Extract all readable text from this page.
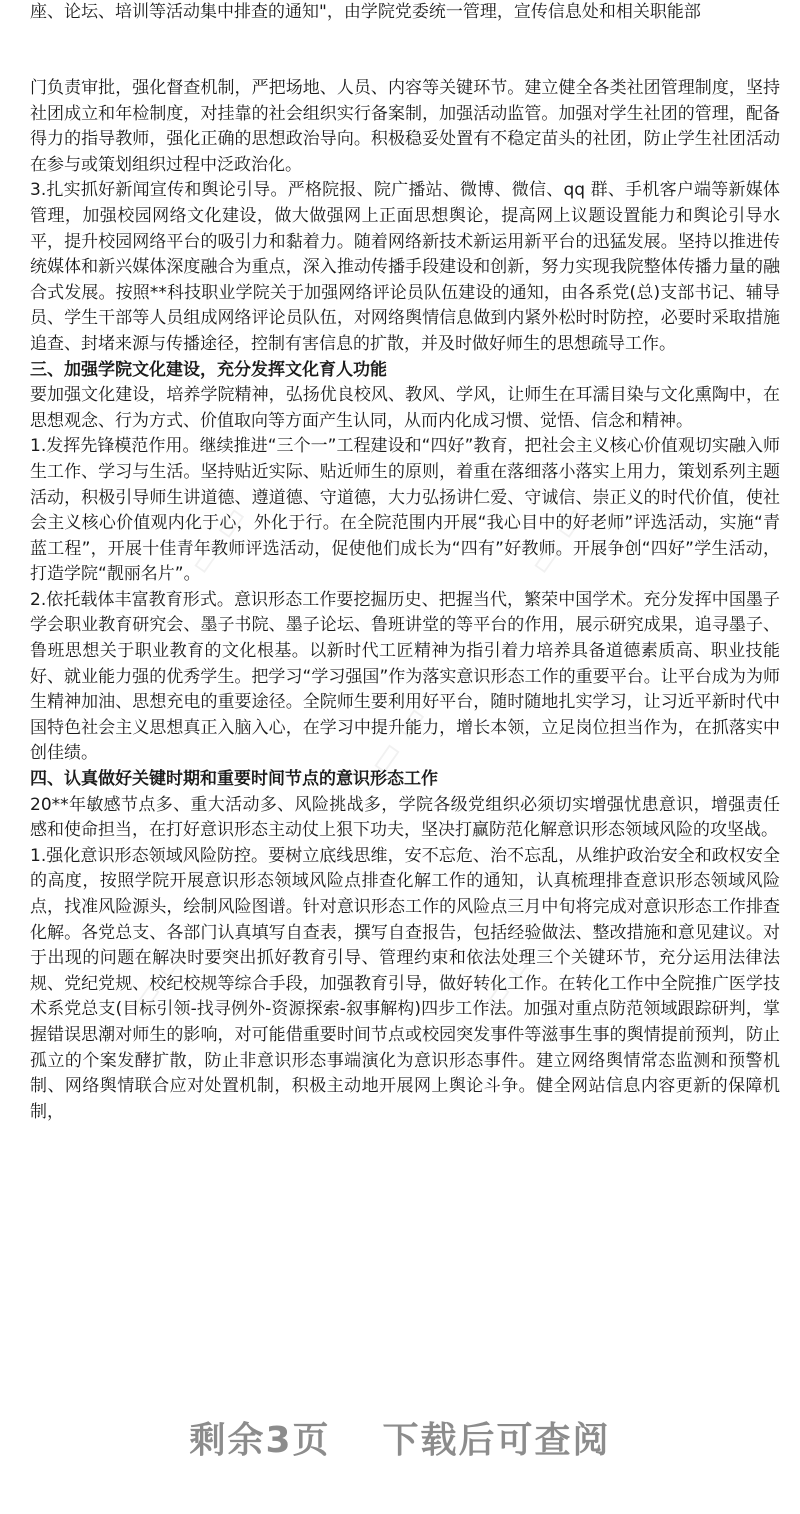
座、论坛、培训等活动集中排查的通知"，由学院党委统一管理，宣传信息处和相关职能部

门负责审批，强化督查机制，严把场地、人员、内容等关键环节。建立健全各类社团管理制度，坚持社团成立和年检制度，对挂靠的社会组织实行备案制，加强活动监管。加强对学生社团的管理，配备得力的指导教师，强化正确的思想政治导向。积极稳妥处置有不稳定苗头的社团，防止学生社团活动在参与或策划组织过程中泛政治化。

3.扎实抓好新闻宣传和舆论引导。严格院报、院广播站、微博、微信、qq 群、手机客户端等新媒体管理，加强校园网络文化建设，做大做强网上正面思想舆论，提高网上议题设置能力和舆论引导水平，提升校园网络平台的吸引力和黏着力。随着网络新技术新运用新平台的迅猛发展。坚持以推进传统媒体和新兴媒体深度融合为重点，深入推动传播手段建设和创新，努力实现我院整体传播力量的融合式发展。按照**科技职业学院关于加强网络评论员队伍建设的通知，由各系党(总)支部书记、辅导员、学生干部等人员组成网络评论员队伍，对网络舆情信息做到内紧外松时时防控，必要时采取措施追查、封堵来源与传播途径，控制有害信息的扩散，并及时做好师生的思想疏导工作。

三、加强学院文化建设，充分发挥文化育人功能

要加强文化建设，培养学院精神，弘扬优良校风、教风、学风，让师生在耳濡目染与文化熏陶中，在思想观念、行为方式、价值取向等方面产生认同，从而内化成习惯、觉悟、信念和精神。

1.发挥先锋模范作用。继续推进“三个一”工程建设和“四好”教育，把社会主义核心价值观切实融入师生工作、学习与生活。坚持贴近实际、贴近师生的原则，着重在落细落小落实上用力，策划系列主题活动，积极引导师生讲道德、遵道德、守道德，大力弘扬讲仁爱、守诚信、崇正义的时代价值，使社会主义核心价值观内化于心，外化于行。在全院范围内开展“我心目中的好老师”评选活动，实施“青蓝工程”，开展十佳青年教师评选活动，促使他们成长为“四有”好教师。开展争创“四好”学生活动，打造学院“靓丽名片”。

2.依托载体丰富教育形式。意识形态工作要挖掘历史、把握当代，繁荣中国学术。充分发挥中国墨子学会职业教育研究会、墨子书院、墨子论坛、鲁班讲堂的等平台的作用，展示研究成果，追寻墨子、鲁班思想关于职业教育的文化根基。以新时代工匠精神为指引着力培养具备道德素质高、职业技能好、就业能力强的优秀学生。把学习“学习强国”作为落实意识形态工作的重要平台。让平台成为为师生精神加油、思想充电的重要途径。全院师生要利用好平台，随时随地扎实学习，让习近平新时代中国特色社会主义思想真正入脑入心，在学习中提升能力，增长本领，立足岗位担当作为，在抓落实中创佳绩。

四、认真做好关键时期和重要时间节点的意识形态工作

20**年敏感节点多、重大活动多、风险挑战多，学院各级党组织必须切实增强忧患意识，增强责任感和使命担当，在打好意识形态主动仗上狠下功夫，坚决打赢防范化解意识形态领域风险的攻坚战。

1.强化意识形态领域风险防控。要树立底线思维，安不忘危、治不忘乱，从维护政治安全和政权安全的高度，按照学院开展意识形态领域风险点排查化解工作的通知，认真梳理排查意识形态领域风险点，找准风险源头，绘制风险图谱。针对意识形态工作的风险点三月中旬将完成对意识形态工作排查化解。各党总支、各部门认真填写自查表，撰写自查报告，包括经验做法、整改措施和意见建议。对于出现的问题在解决时要突出抓好教育引导、管理约束和依法处理三个关键环节，充分运用法律法规、党纪党规、校纪校规等综合手段，加强教育引导，做好转化工作。在转化工作中全院推广医学技术系党总支(目标引领-找寻例外-资源探索-叙事解构)四步工作法。加强对重点防范领域跟踪研判，掌握错误思潮对师生的影响，对可能借重要时间节点或校园突发事件等滋事生事的舆情提前预判，防止孤立的个案发酵扩散，防止非意识形态事端演化为意识形态事件。建立网络舆情常态监测和预警机制、网络舆情联合应对处置机制，积极主动地开展网上舆论斗争。健全网站信息内容更新的保障机制，

▭ ▭	▭ ▭
▭ ▭
▭ ▭	▭ ▭
剩余3页 下载后可查阅
